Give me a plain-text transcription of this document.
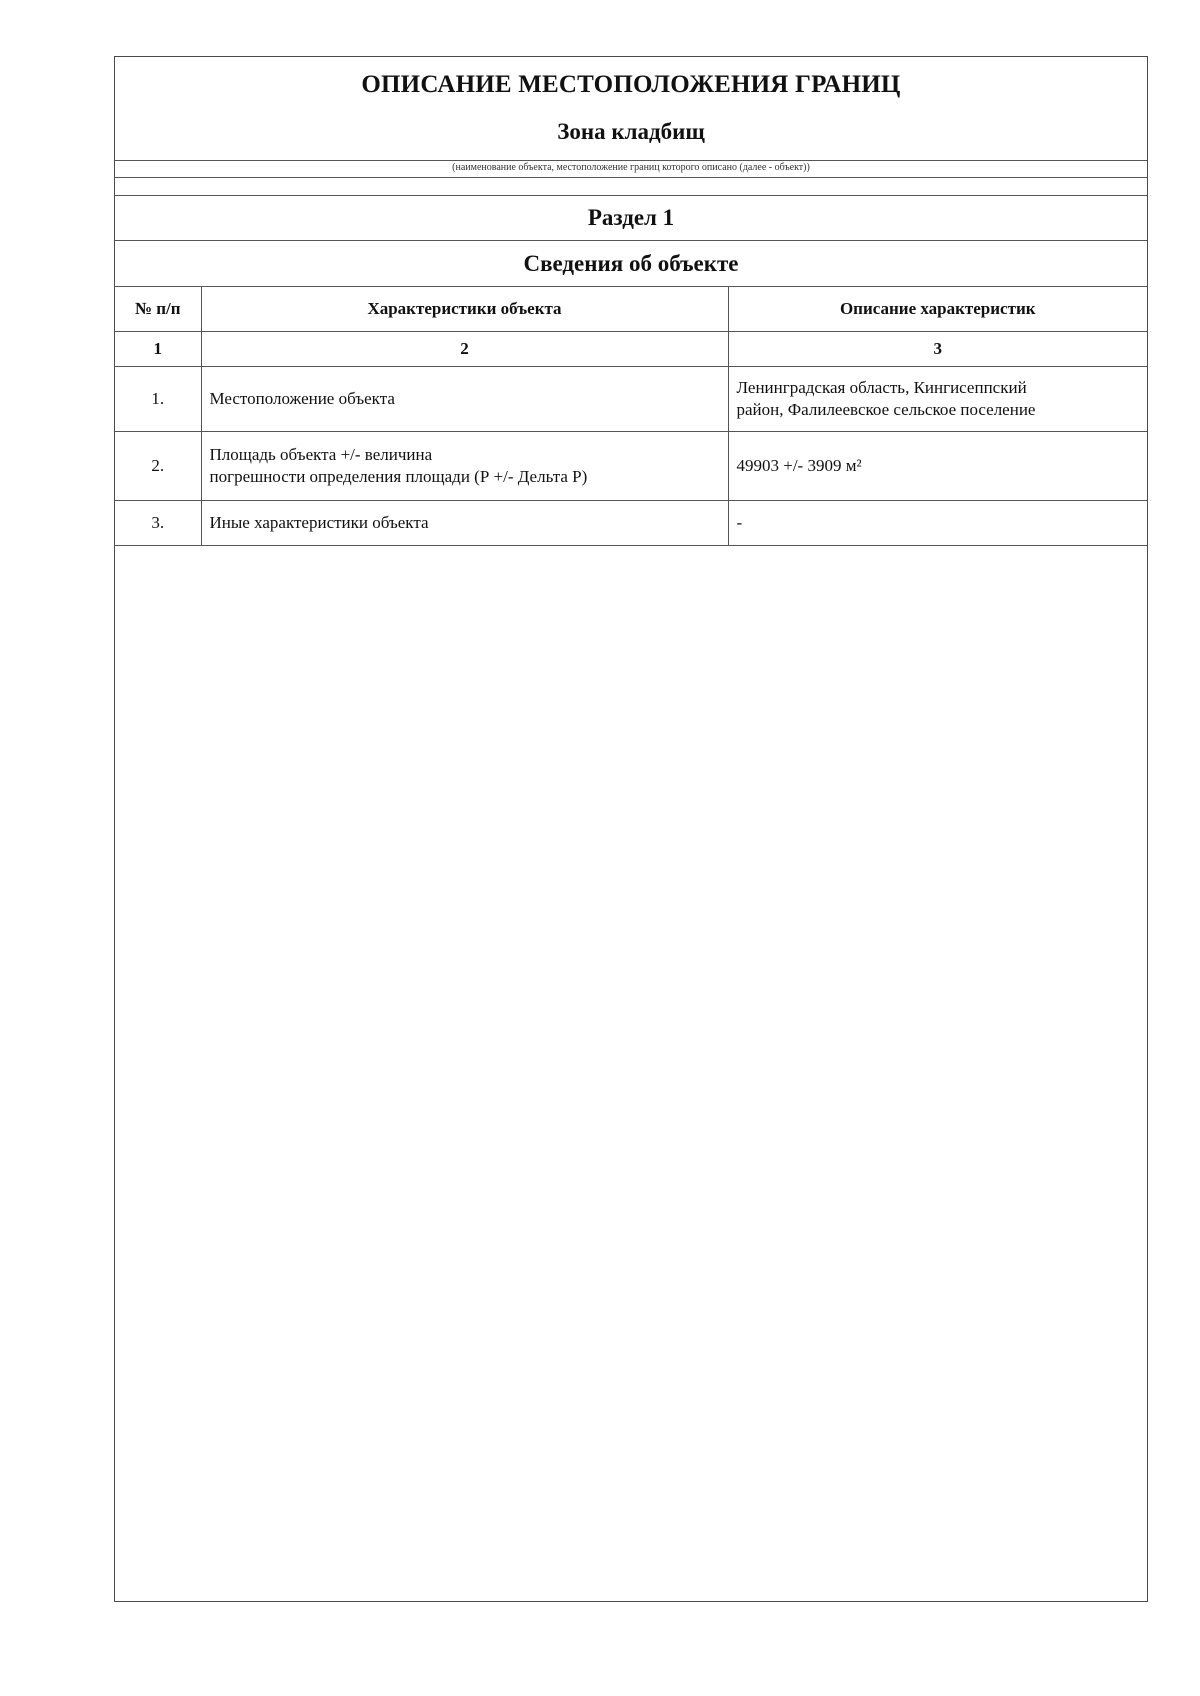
ОПИСАНИЕ МЕСТОПОЛОЖЕНИЯ ГРАНИЦ
Зона кладбищ
(наименование объекта, местоположение границ которого описано (далее - объект))
Раздел 1
Сведения об объекте
№ п/п	Характеристики объекта	Описание характеристик
1	2	3
1.	Местоположение объекта	Ленинградская область, Кингисеппский
район, Фалилеевское сельское поселение

2.	Площадь объекта +/- величина
погрешности определения площади (Р +/- Дельта Р)	49903 +/- 3909 м²

3.	Иные характеристики объекта	-
